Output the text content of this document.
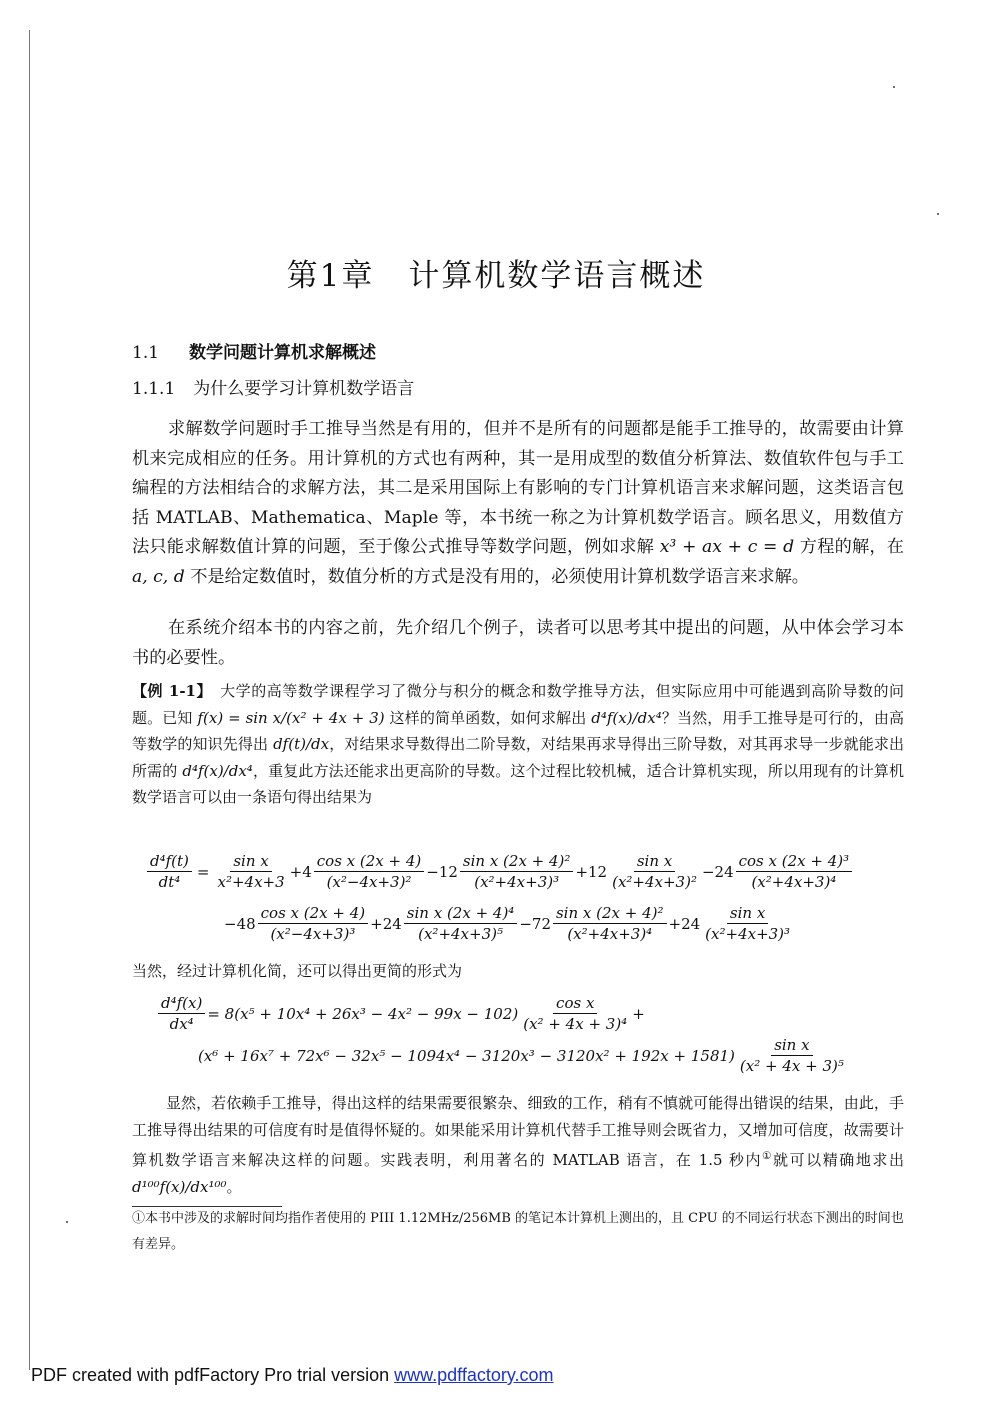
第1章 计算机数学语言概述
1.1 数学问题计算机求解概述
1.1.1 为什么要学习计算机数学语言

求解数学问题时手工推导当然是有用的，但并不是所有的问题都是能手工推导的，故需要由计算机来完成相应的任务。用计算机的方式也有两种，其一是用成型的数值分析算法、数值软件包与手工编程的方法相结合的求解方法，其二是采用国际上有影响的专门计算机语言来求解问题，这类语言包括 MATLAB、Mathematica、Maple 等，本书统一称之为计算机数学语言。顾名思义，用数值方法只能求解数值计算的问题，至于像公式推导等数学问题，例如求解 x³ + ax + c = d 方程的解，在 a, c, d 不是给定数值时，数值分析的方式是没有用的，必须使用计算机数学语言来求解。

在系统介绍本书的内容之前，先介绍几个例子，读者可以思考其中提出的问题，从中体会学习本书的必要性。

【例 1-1】 大学的高等数学课程学习了微分与积分的概念和数学推导方法，但实际应用中可能遇到高阶导数的问题。已知 f(x) = sin x/(x² + 4x + 3) 这样的简单函数，如何求解出 d⁴f(x)/dx⁴？当然，用手工推导是可行的，由高等数学的知识先得出 df(t)/dx，对结果求导数得出二阶导数，对结果再求导得出三阶导数，对其再求导一步就能求出所需的 d⁴f(x)/dx⁴，重复此方法还能求出更高阶的导数。这个过程比较机械，适合计算机实现，所以用现有的计算机数学语言可以由一条语句得出结果为

$\frac{\text{d⁴f(t)}}{\text{dt⁴}} = \frac{\text{sin x}}{\text{x²+4x+3}} +4 \frac{\text{cos x (2x + 4)}}{\text{(x²−4x+3)²}} -12 \frac{\text{sin x (2x + 4)²}}{\text{(x²+4x+3)³}} +12 \frac{\text{sin x}}{\text{(x²+4x+3)²}} -24 \frac{\text{cos x (2x + 4)³}}{\text{(x²+4x+3)⁴}}$
$-48 \frac{\text{cos x (2x + 4)}}{\text{(x²−4x+3)³}} +24 \frac{\text{sin x (2x + 4)⁴}}{\text{(x²+4x+3)⁵}} -72 \frac{\text{sin x (2x + 4)²}}{\text{(x²+4x+3)⁴}} +24 \frac{\text{sin x}}{\text{(x²+4x+3)³}}$

当然，经过计算机化简，还可以得出更简的形式为

$\frac{\text{d⁴f(x)}}{\text{dx⁴}} = 8(x^5 + 10x^4 + 26x^3 - 4x^2 - 99x - 102) \frac{\text{cos x}}{\text{(x² + 4x + 3)⁴}}$ +
$(x^6 + 16x^7 + 72x^6 - 32x^5 - 1094x^4 - 3120x^3 - 3120x^2 + 192x + 1581) \frac{\text{sin x}}{\text{(x² + 4x + 3)⁵}}$

显然，若依赖手工推导，得出这样的结果需要很繁杂、细致的工作，稍有不慎就可能得出错误的结果，由此，手工推导得出结果的可信度有时是值得怀疑的。如果能采用计算机代替手工推导则会既省力，又增加可信度，故需要计算机数学语言来解决这样的问题。实践表明，利用著名的 MATLAB 语言，在 1.5 秒内①就可以精确地求出 d¹⁰⁰f(x)/dx¹⁰⁰。

①本书中涉及的求解时间均指作者使用的 PIII 1.12MHz/256MB 的笔记本计算机上测出的，且 CPU 的不同运行状态下测出的时间也有差异。

PDF created with pdfFactory Pro trial version www.pdffactory.com
